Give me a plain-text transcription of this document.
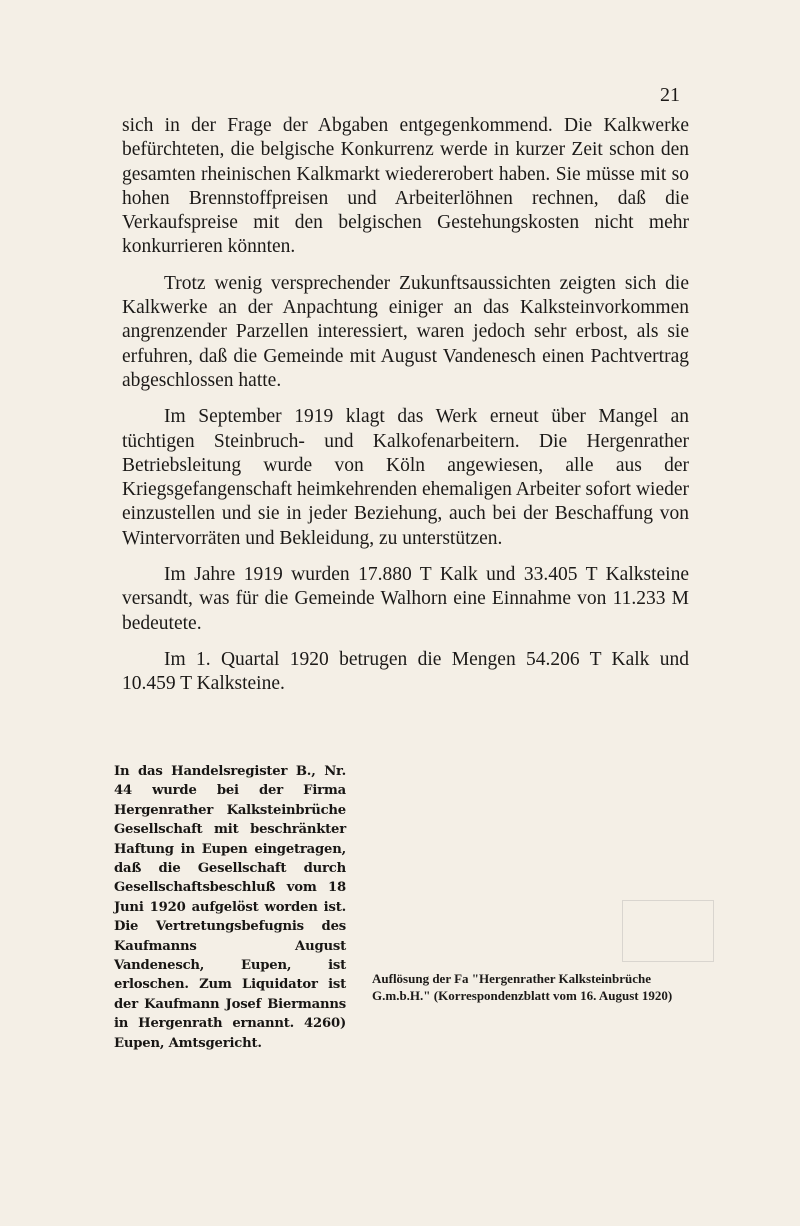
21

sich in der Frage der Abgaben entgegenkommend. Die Kalkwerke befürchteten, die belgische Konkurrenz werde in kurzer Zeit schon den gesamten rheinischen Kalkmarkt wiedererobert haben. Sie müsse mit so hohen Brennstoffpreisen und Arbeiterlöhnen rechnen, daß die Verkaufspreise mit den belgischen Gestehungskosten nicht mehr konkurrieren könnten.

Trotz wenig versprechender Zukunftsaussichten zeigten sich die Kalkwerke an der Anpachtung einiger an das Kalksteinvorkommen angrenzender Parzellen interessiert, waren jedoch sehr erbost, als sie erfuhren, daß die Gemeinde mit August Vandenesch einen Pachtvertrag abgeschlossen hatte.

Im September 1919 klagt das Werk erneut über Mangel an tüchtigen Steinbruch- und Kalkofenarbeitern. Die Hergenrather Betriebsleitung wurde von Köln angewiesen, alle aus der Kriegsgefangenschaft heimkehrenden ehemaligen Arbeiter sofort wieder einzustellen und sie in jeder Beziehung, auch bei der Beschaffung von Wintervorräten und Bekleidung, zu unterstützen.

Im Jahre 1919 wurden 17.880 T Kalk und 33.405 T Kalksteine versandt, was für die Gemeinde Walhorn eine Einnahme von 11.233 M bedeutete.

Im 1. Quartal 1920 betrugen die Mengen 54.206 T Kalk und 10.459 T Kalksteine.

In das Handelsregister B., Nr. 44 wurde bei der Firma Hergenrather Kalksteinbrüche Gesellschaft mit beschränkter Haftung in Eupen eingetragen, daß die Gesellschaft durch Gesellschaftsbeschluß vom 18 Juni 1920 aufgelöst worden ist. Die Vertretungsbefugnis des Kaufmanns August Vandenesch, Eupen, ist erloschen. Zum Liquidator ist der Kaufmann Josef Biermanns in Hergenrath ernannt. 4260) Eupen, Amtsgericht.
Auflösung der Fa "Hergenrather Kalksteinbrüche G.m.b.H." (Korrespondenzblatt vom 16. August 1920)
